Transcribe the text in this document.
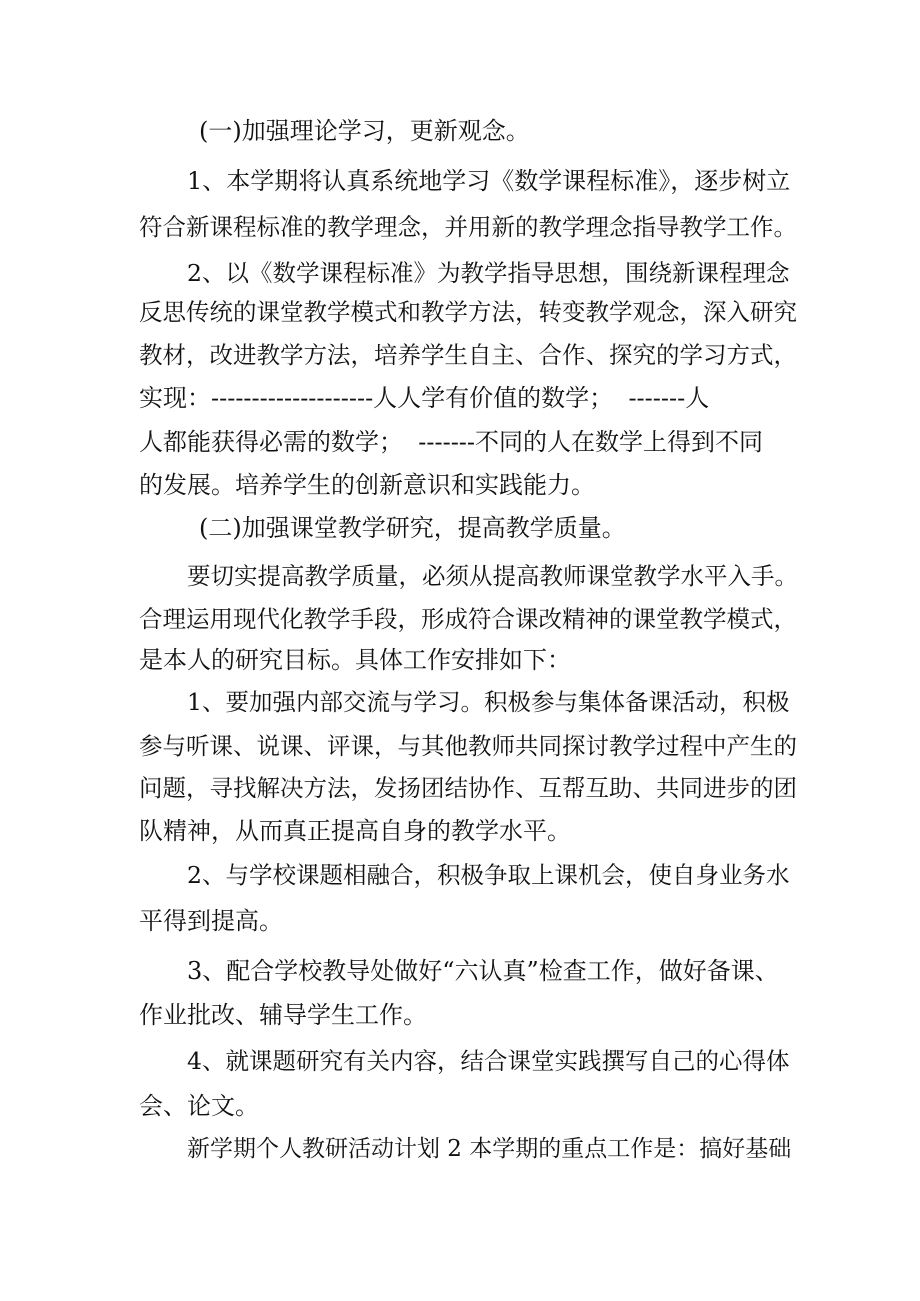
(一)加强理论学习，更新观念。
1、本学期将认真系统地学习《数学课程标准》，逐步树立
符合新课程标准的教学理念，并用新的教学理念指导教学工作。
2、以《数学课程标准》为教学指导思想，围绕新课程理念
反思传统的课堂教学模式和教学方法，转变教学观念，深入研究
教材，改进教学方法，培养学生自主、合作、探究的学习方式，
实现：--------------------人人学有价值的数学；  -------人
人都能获得必需的数学；  -------不同的人在数学上得到不同
的发展。培养学生的创新意识和实践能力。
(二)加强课堂教学研究，提高教学质量。
要切实提高教学质量，必须从提高教师课堂教学水平入手。
合理运用现代化教学手段，形成符合课改精神的课堂教学模式，
是本人的研究目标。具体工作安排如下：
1、要加强内部交流与学习。积极参与集体备课活动，积极
参与听课、说课、评课，与其他教师共同探讨教学过程中产生的
问题，寻找解决方法，发扬团结协作、互帮互助、共同进步的团
队精神，从而真正提高自身的教学水平。
2、与学校课题相融合，积极争取上课机会，使自身业务水
平得到提高。
3、配合学校教导处做好“六认真”检查工作，做好备课、
作业批改、辅导学生工作。
4、就课题研究有关内容，结合课堂实践撰写自己的心得体
会、论文。
新学期个人教研活动计划 2 本学期的重点工作是：搞好基础
